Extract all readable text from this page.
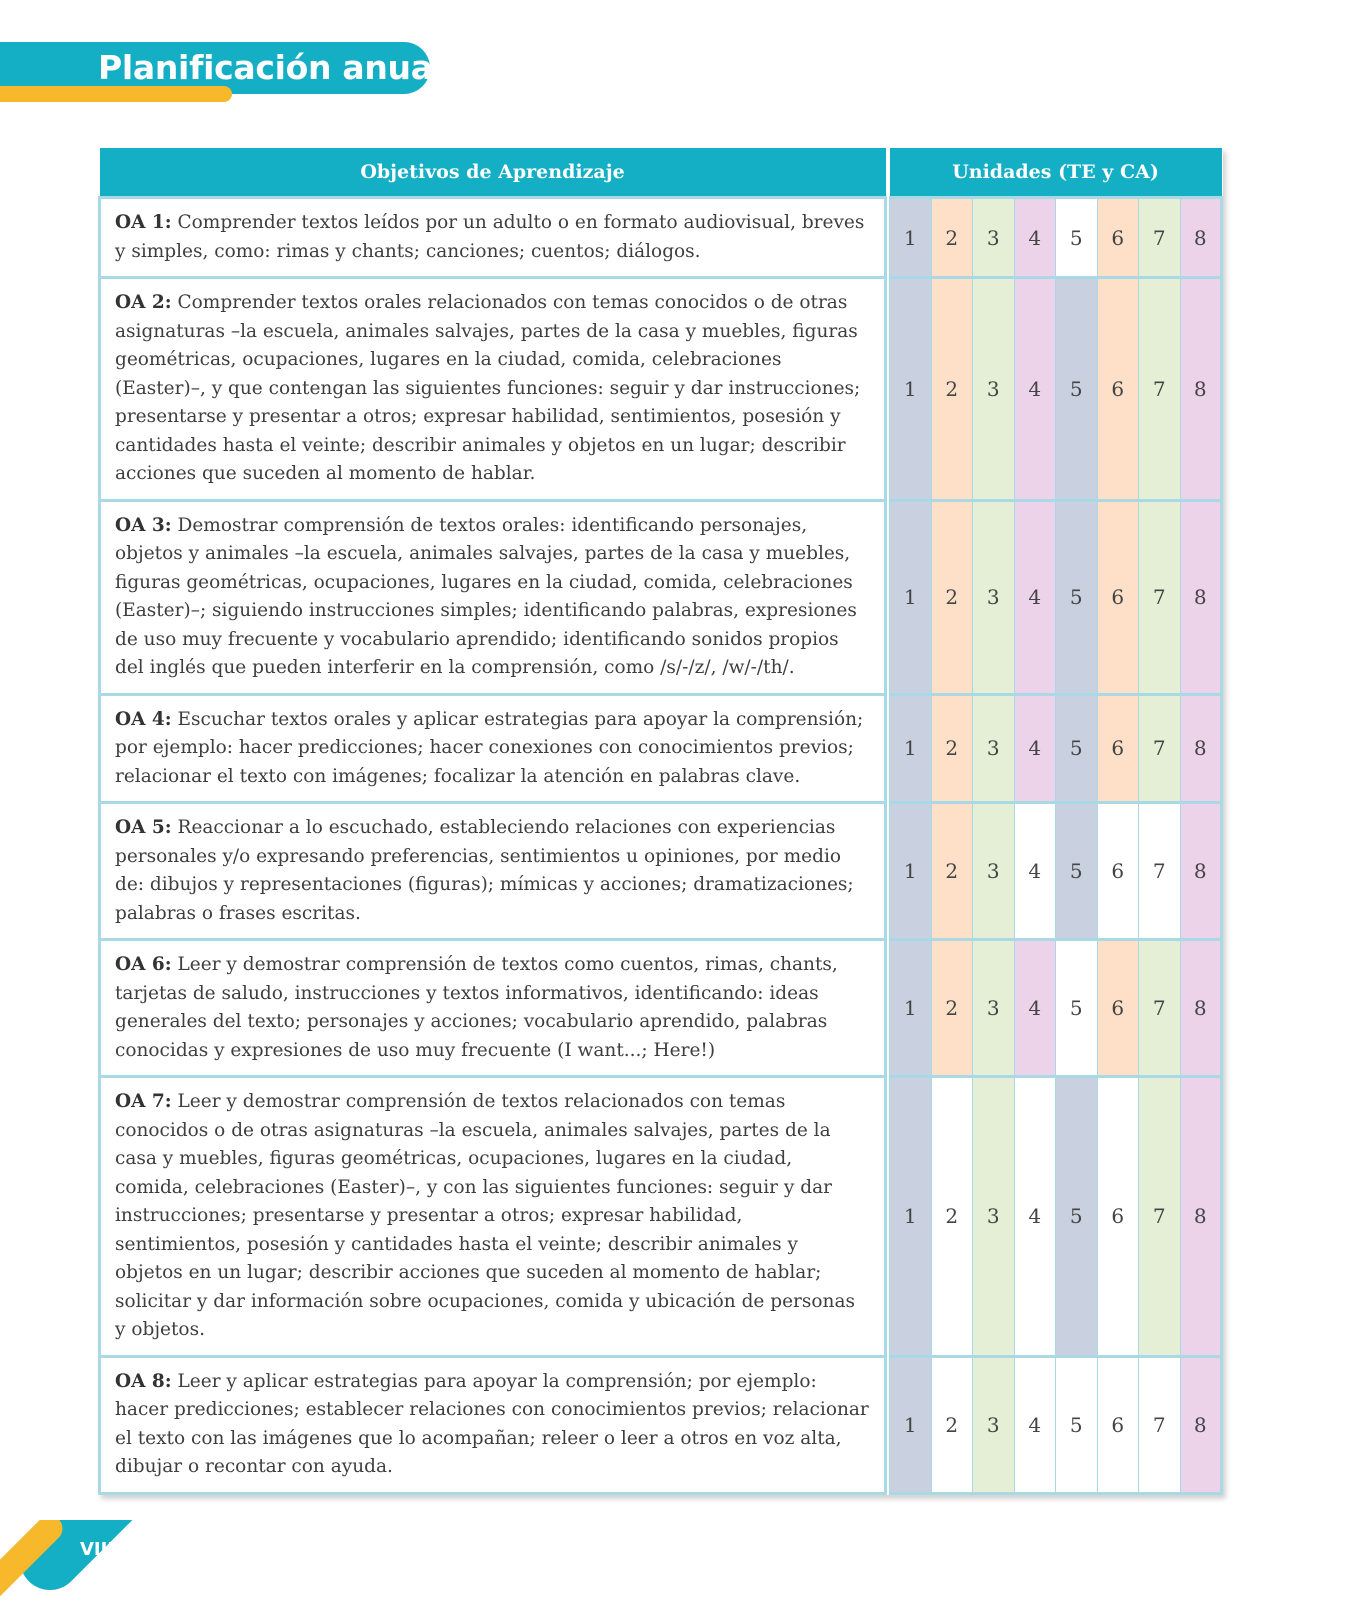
Planificación anual
Objetivos de Aprendizaje		Unidades (TE y CA)							
OA 1: Comprender textos leídos por un adulto o en formato audiovisual, breves y simples, como: rimas y chants; canciones; cuentos; diálogos.		1	2	3	4	5	6	7	8
OA 2: Comprender textos orales relacionados con temas conocidos o de otras asignaturas –la escuela, animales salvajes, partes de la casa y muebles, figuras geométricas, ocupaciones, lugares en la ciudad, comida, celebraciones (Easter)–, y que contengan las siguientes funciones: seguir y dar instrucciones; presentarse y presentar a otros; expresar habilidad, sentimientos, posesión y cantidades hasta el veinte; describir animales y objetos en un lugar; describir acciones que suceden al momento de hablar.		1	2	3	4	5	6	7	8
OA 3: Demostrar comprensión de textos orales: identificando personajes, objetos y animales –la escuela, animales salvajes, partes de la casa y muebles, figuras geométricas, ocupaciones, lugares en la ciudad, comida, celebraciones (Easter)–; siguiendo instrucciones simples; identificando palabras, expresiones de uso muy frecuente y vocabulario aprendido; identificando sonidos propios del inglés que pueden interferir en la comprensión, como /s/-/z/, /w/-/th/.		1	2	3	4	5	6	7	8
OA 4: Escuchar textos orales y aplicar estrategias para apoyar la comprensión; por ejemplo: hacer predicciones; hacer conexiones con conocimientos previos; relacionar el texto con imágenes; focalizar la atención en palabras clave.		1	2	3	4	5	6	7	8
OA 5: Reaccionar a lo escuchado, estableciendo relaciones con experiencias personales y/o expresando preferencias, sentimientos u opiniones, por medio de: dibujos y representaciones (figuras); mímicas y acciones; dramatizaciones; palabras o frases escritas.		1	2	3	4	5	6	7	8
OA 6: Leer y demostrar comprensión de textos como cuentos, rimas, chants, tarjetas de saludo, instrucciones y textos informativos, identificando: ideas generales del texto; personajes y acciones; vocabulario aprendido, palabras conocidas y expresiones de uso muy frecuente (I want...; Here!)		1	2	3	4	5	6	7	8
OA 7: Leer y demostrar comprensión de textos relacionados con temas conocidos o de otras asignaturas –la escuela, animales salvajes, partes de la casa y muebles, figuras geométricas, ocupaciones, lugares en la ciudad, comida, celebraciones (Easter)–, y con las siguientes funciones: seguir y dar instrucciones; presentarse y presentar a otros; expresar habilidad, sentimientos, posesión y cantidades hasta el veinte; describir animales y objetos en un lugar; describir acciones que suceden al momento de hablar; solicitar y dar información sobre ocupaciones, comida y ubicación de personas y objetos.		1	2	3	4	5	6	7	8
OA 8: Leer y aplicar estrategias para apoyar la comprensión; por ejemplo: hacer predicciones; establecer relaciones con conocimientos previos; relacionar el texto con las imágenes que lo acompañan; releer o leer a otros en voz alta, dibujar o recontar con ayuda.		1	2	3	4	5	6	7	8
VIII
